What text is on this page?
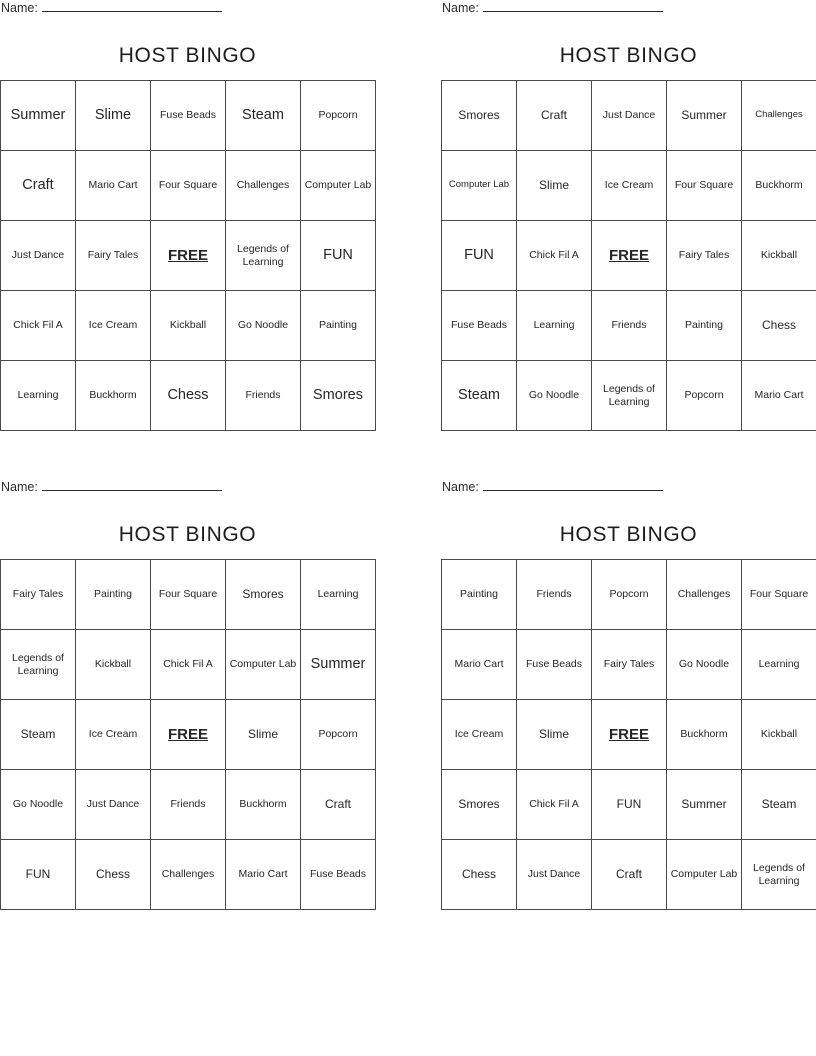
Name:
HOST BINGO
Summer	Slime	Fuse Beads	Steam	Popcorn
Craft	Mario Cart	Four Square	Challenges	Computer Lab
Just Dance	Fairy Tales	FREE	Legends of Learning	FUN
Chick Fil A	Ice Cream	Kickball	Go Noodle	Painting
Learning	Buckhorm	Chess	Friends	Smores
Name:
HOST BINGO
Smores	Craft	Just Dance	Summer	Challenges
Computer Lab	Slime	Ice Cream	Four Square	Buckhorm
FUN	Chick Fil A	FREE	Fairy Tales	Kickball
Fuse Beads	Learning	Friends	Painting	Chess
Steam	Go Noodle	Legends of Learning	Popcorn	Mario Cart
Name:
HOST BINGO
Fairy Tales	Painting	Four Square	Smores	Learning
Legends of Learning	Kickball	Chick Fil A	Computer Lab	Summer
Steam	Ice Cream	FREE	Slime	Popcorn
Go Noodle	Just Dance	Friends	Buckhorm	Craft
FUN	Chess	Challenges	Mario Cart	Fuse Beads
Name:
HOST BINGO
Painting	Friends	Popcorn	Challenges	Four Square
Mario Cart	Fuse Beads	Fairy Tales	Go Noodle	Learning
Ice Cream	Slime	FREE	Buckhorm	Kickball
Smores	Chick Fil A	FUN	Summer	Steam
Chess	Just Dance	Craft	Computer Lab	Legends of Learning
